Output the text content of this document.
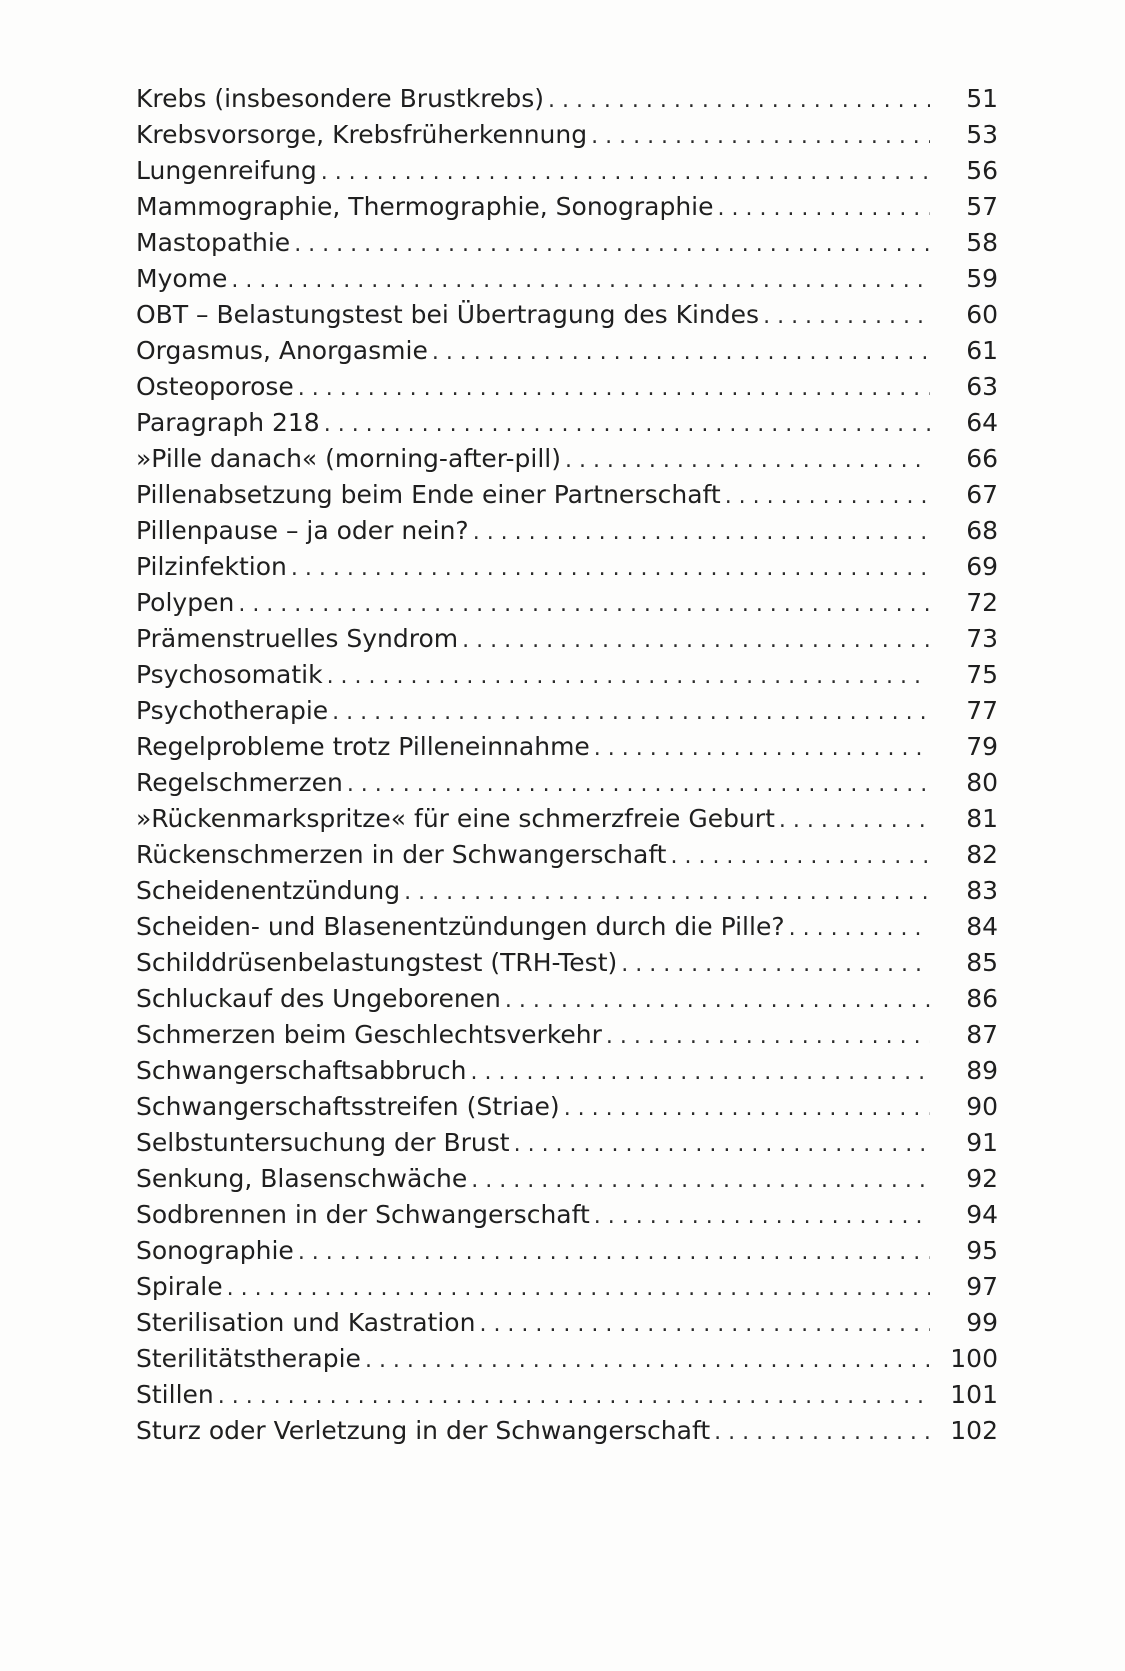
Krebs (insbesondere Brustkrebs) . . .	51
Krebsvorsorge, Krebsfrüherkennung . . .	53
Lungenreifung . . .	56
Mammographie, Thermographie, Sonographie . . .	57
Mastopathie . . .	58
Myome . . .	59
OBT – Belastungstest bei Übertragung des Kindes . . .	60
Orgasmus, Anorgasmie . . .	61
Osteoporose . . .	63
Paragraph 218 . . .	64
»Pille danach« (morning-after-pill) . . .	66
Pillenabsetzung beim Ende einer Partnerschaft . . .	67
Pillenpause – ja oder nein? . . .	68
Pilzinfektion . . .	69
Polypen . . .	72
Prämenstruelles Syndrom . . .	73
Psychosomatik . . .	75
Psychotherapie . . .	77
Regelprobleme trotz Pilleneinnahme . . .	79
Regelschmerzen . . .	80
»Rückenmarkspritze« für eine schmerzfreie Geburt . . .	81
Rückenschmerzen in der Schwangerschaft . . .	82
Scheidenentzündung . . .	83
Scheiden- und Blasenentzündungen durch die Pille? . . .	84
Schilddrüsenbelastungstest (TRH-Test) . . .	85
Schluckauf des Ungeborenen . . .	86
Schmerzen beim Geschlechtsverkehr . . .	87
Schwangerschaftsabbruch . . .	89
Schwangerschaftsstreifen (Striae) . . .	90
Selbstuntersuchung der Brust . . .	91
Senkung, Blasenschwäche . . .	92
Sodbrennen in der Schwangerschaft . . .	94
Sonographie . . .	95
Spirale . . .	97
Sterilisation und Kastration . . .	99
Sterilitätstherapie . . .	100
Stillen . . .	101
Sturz oder Verletzung in der Schwangerschaft . . .	102
